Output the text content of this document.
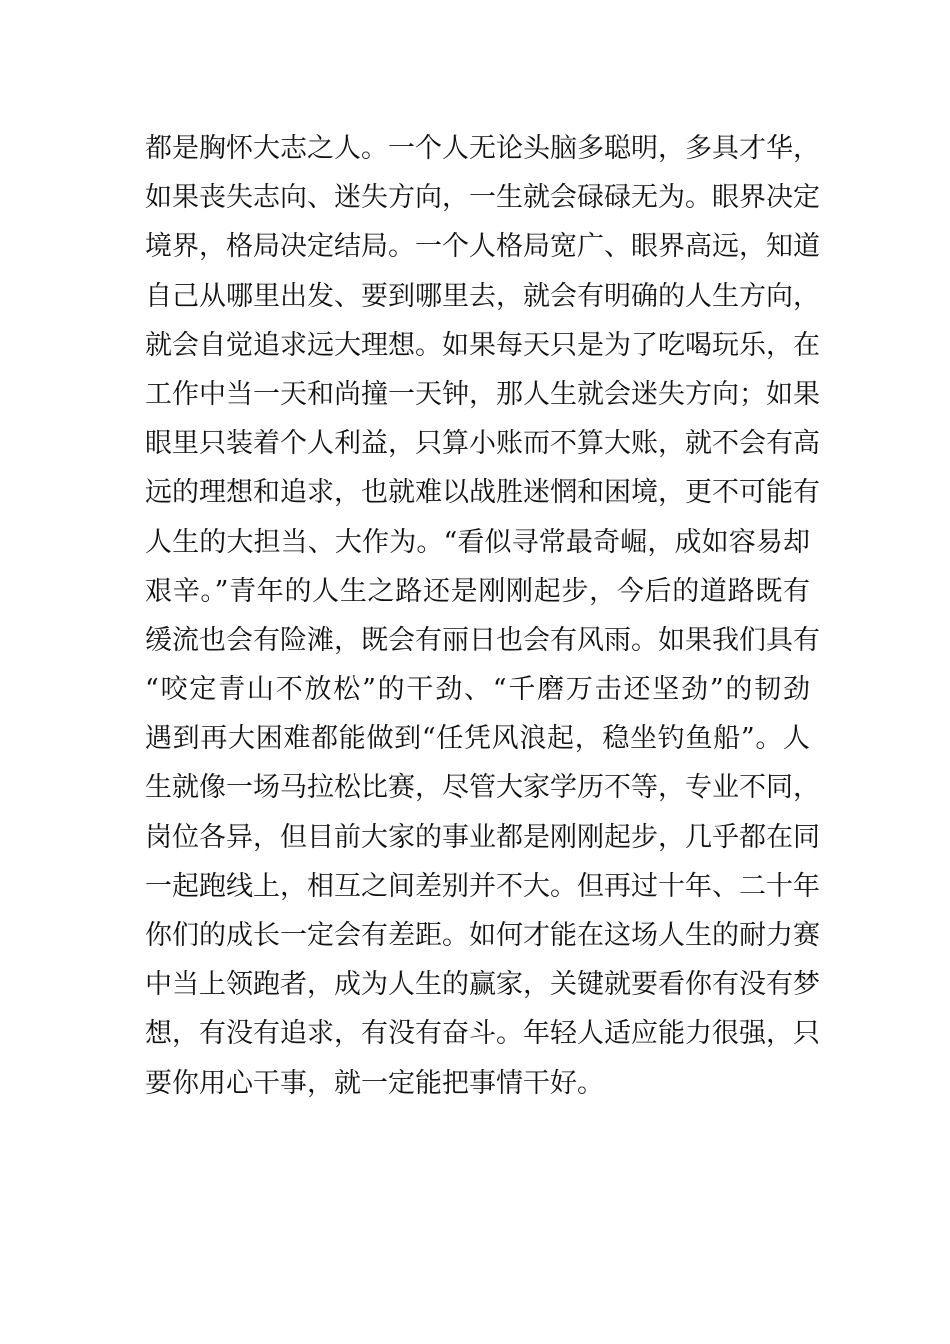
都是胸怀大志之人。一个人无论头脑多聪明，多具才华，
如果丧失志向、迷失方向，一生就会碌碌无为。眼界决定
境界，格局决定结局。一个人格局宽广、眼界高远，知道
自己从哪里出发、要到哪里去，就会有明确的人生方向，
就会自觉追求远大理想。如果每天只是为了吃喝玩乐，在
工作中当一天和尚撞一天钟，那人生就会迷失方向；如果
眼里只装着个人利益，只算小账而不算大账，就不会有高
远的理想和追求，也就难以战胜迷惘和困境，更不可能有
人生的大担当、大作为。“看似寻常最奇崛，成如容易却
艰辛。”青年的人生之路还是刚刚起步，今后的道路既有
缓流也会有险滩，既会有丽日也会有风雨。如果我们具有
“咬定青山不放松”的干劲、“千磨万击还坚劲”的韧劲
遇到再大困难都能做到“任凭风浪起，稳坐钓鱼船”。人
生就像一场马拉松比赛，尽管大家学历不等，专业不同，
岗位各异，但目前大家的事业都是刚刚起步，几乎都在同
一起跑线上，相互之间差别并不大。但再过十年、二十年
你们的成长一定会有差距。如何才能在这场人生的耐力赛
中当上领跑者，成为人生的赢家，关键就要看你有没有梦
想，有没有追求，有没有奋斗。年轻人适应能力很强，只
要你用心干事，就一定能把事情干好。
